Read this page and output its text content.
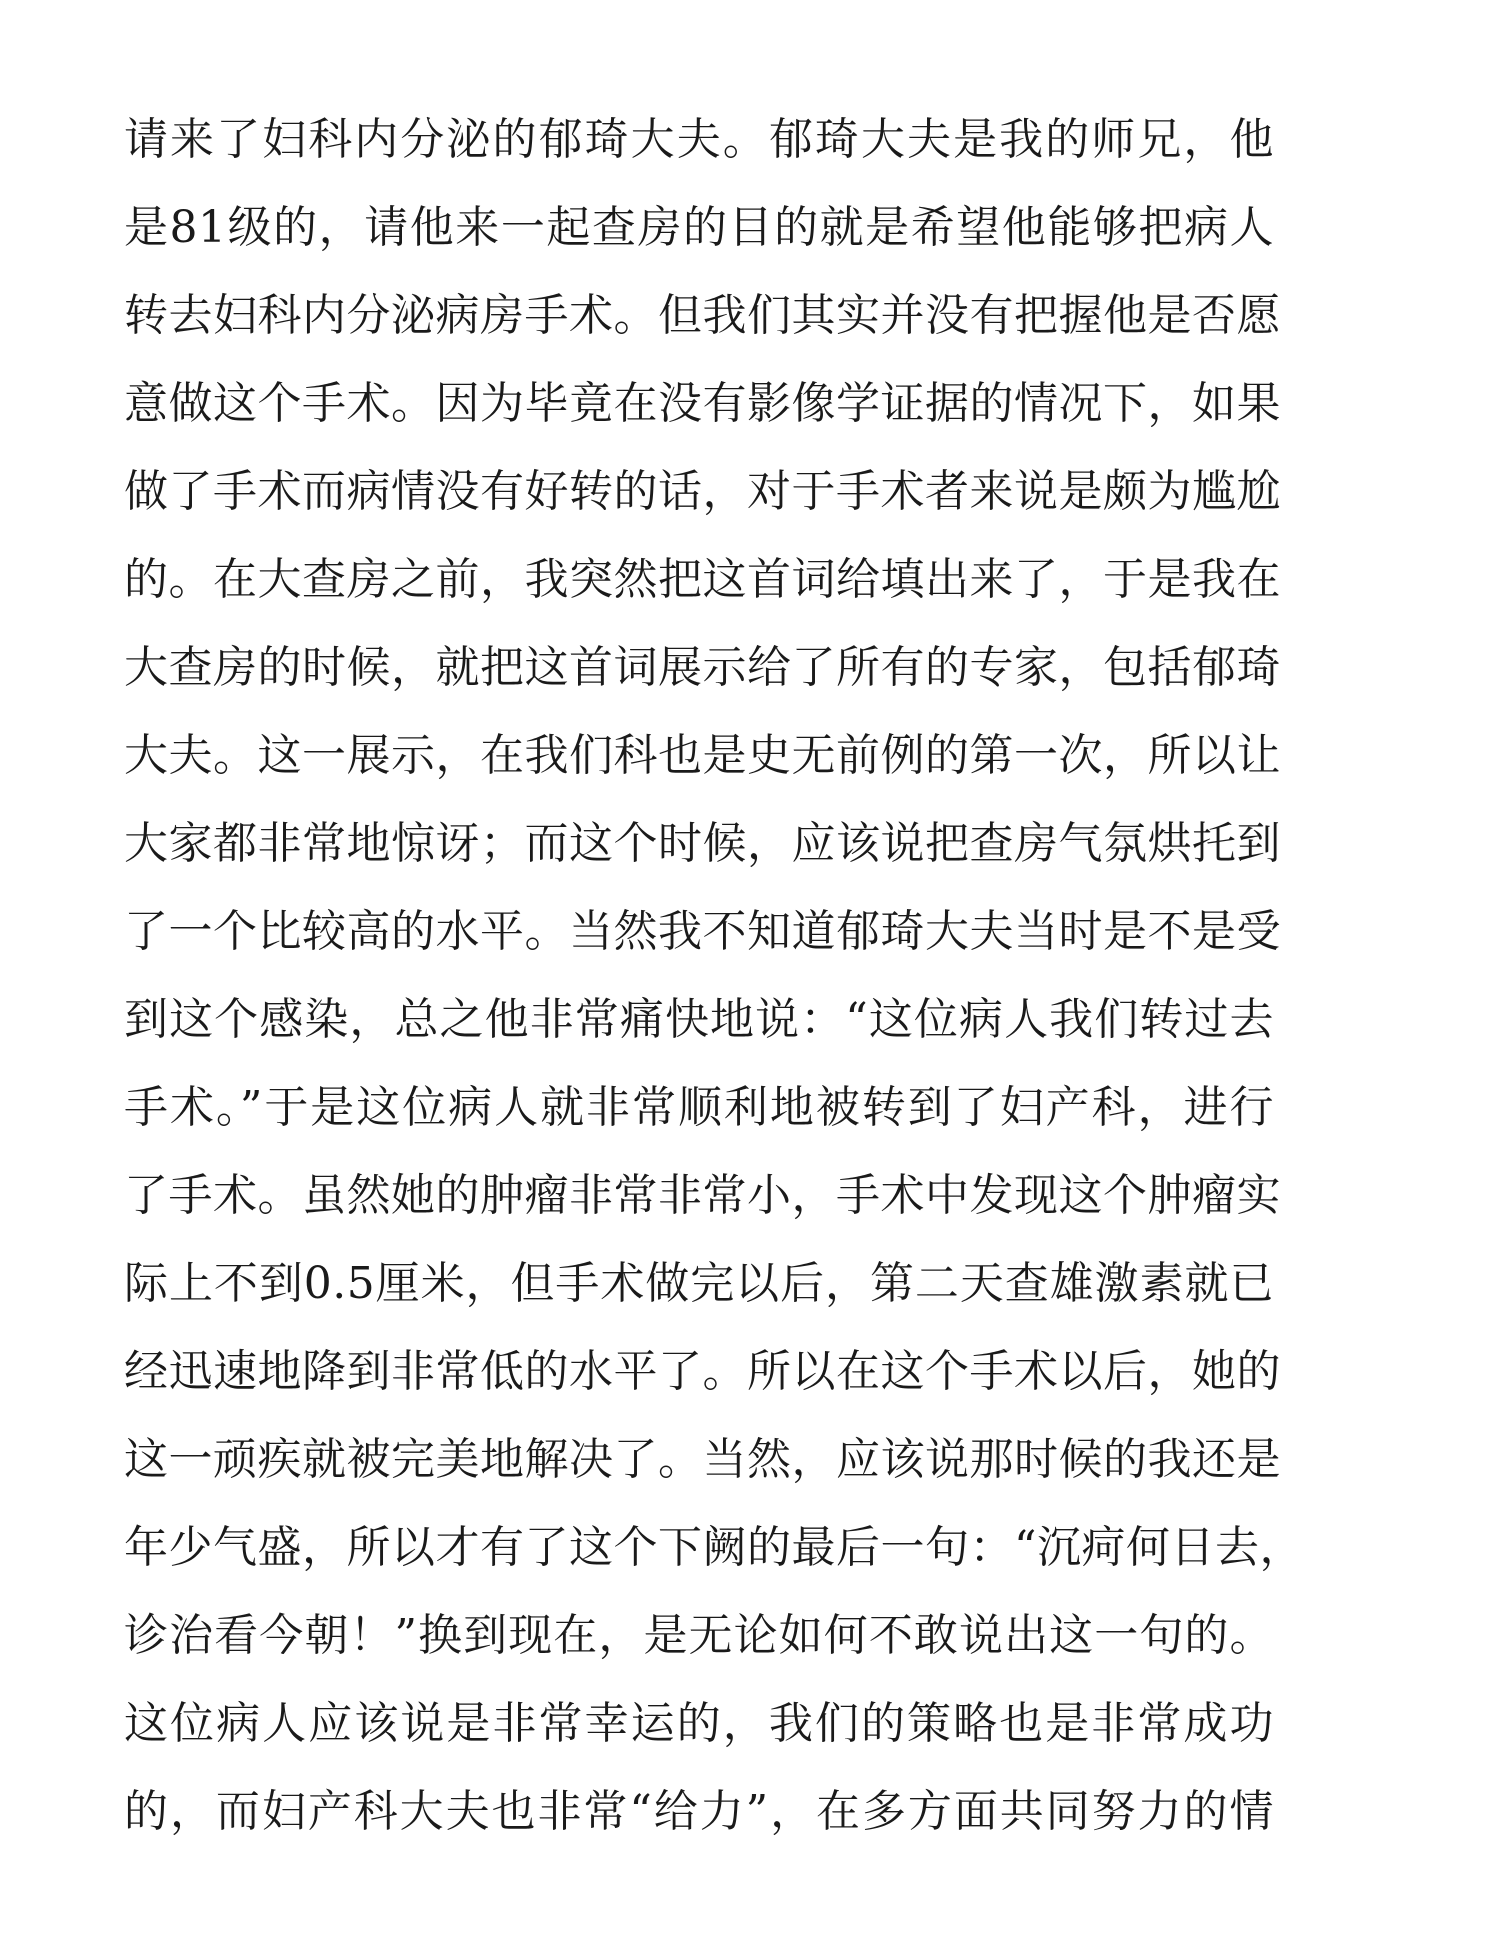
请来了妇科内分泌的郁琦大夫。郁琦大夫是我的师兄，他
是81级的，请他来一起查房的目的就是希望他能够把病人
转去妇科内分泌病房手术。但我们其实并没有把握他是否愿
意做这个手术。因为毕竟在没有影像学证据的情况下，如果
做了手术而病情没有好转的话，对于手术者来说是颇为尴尬
的。在大查房之前，我突然把这首词给填出来了，于是我在
大查房的时候，就把这首词展示给了所有的专家，包括郁琦
大夫。这一展示，在我们科也是史无前例的第一次，所以让
大家都非常地惊讶；而这个时候，应该说把查房气氛烘托到
了一个比较高的水平。当然我不知道郁琦大夫当时是不是受
到这个感染，总之他非常痛快地说：“这位病人我们转过去
手术。”于是这位病人就非常顺利地被转到了妇产科，进行
了手术。虽然她的肿瘤非常非常小，手术中发现这个肿瘤实
际上不到0.5厘米，但手术做完以后，第二天查雄激素就已
经迅速地降到非常低的水平了。所以在这个手术以后，她的
这一顽疾就被完美地解决了。当然，应该说那时候的我还是
年少气盛，所以才有了这个下阙的最后一句：“沉疴何日去，
诊治看今朝！”换到现在，是无论如何不敢说出这一句的。
这位病人应该说是非常幸运的，我们的策略也是非常成功
的，而妇产科大夫也非常“给力”，在多方面共同努力的情
